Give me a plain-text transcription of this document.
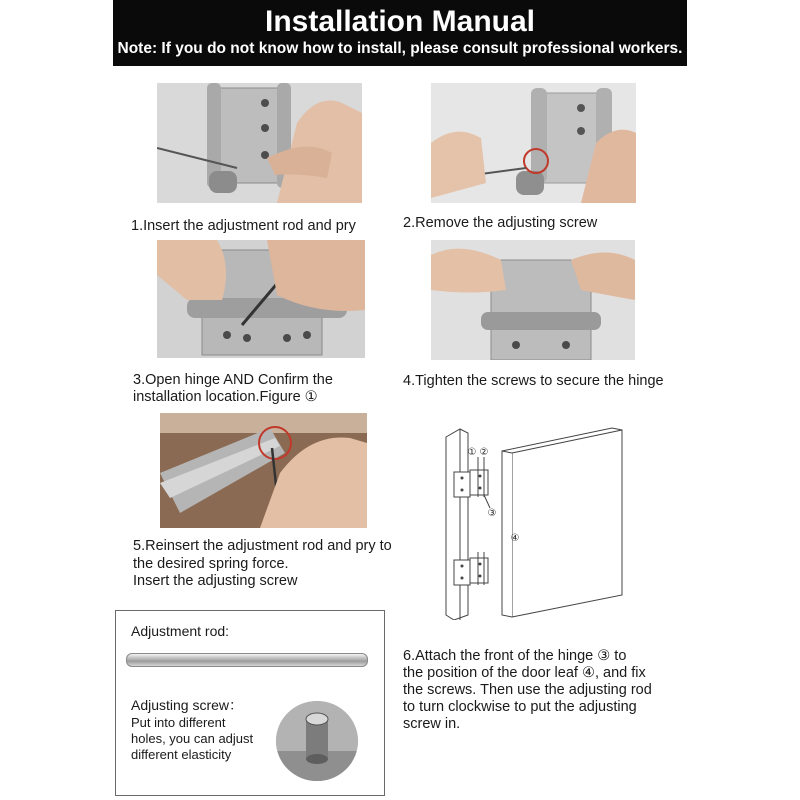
Installation Manual
Note: If you do not know how to install, please consult professional workers.
1.Insert the adjustment rod and pry	2.Remove the adjusting screw
3.Open hinge AND Confirm the
installation location.Figure ①
4.Tighten the screws to secure the hinge
5.Reinsert the adjustment rod and pry to
the desired spring force.
Insert the adjusting screw
① ②
③
④
Adjustment rod:
Adjusting screw：
Put into different
holes, you can adjust
different elasticity
6.Attach the front of the hinge ③ to
the position of the door leaf ④, and fix
the screws. Then use the adjusting rod
to turn clockwise to put the adjusting
screw in.
